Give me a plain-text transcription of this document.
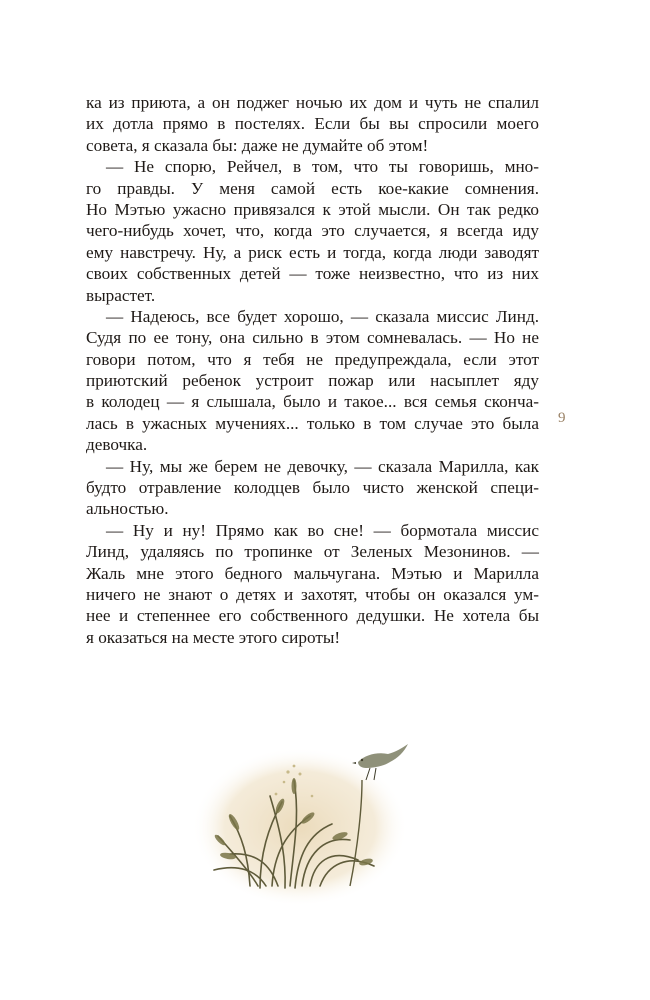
ка из приюта, а он поджег ночью их дом и чуть не спалил
их дотла прямо в постелях. Если бы вы спросили моего
совета, я сказала бы: даже не думайте об этом!
— Не спорю, Рейчел, в том, что ты говоришь, мно-
го правды. У меня самой есть кое-какие сомнения.
Но Мэтью ужасно привязался к этой мысли. Он так редко
чего-нибудь хочет, что, когда это случается, я всегда иду
ему навстречу. Ну, а риск есть и тогда, когда люди заводят
своих собственных детей — тоже неизвестно, что из них
вырастет.
— Надеюсь, все будет хорошо, — сказала миссис Линд.
Судя по ее тону, она сильно в этом сомневалась. — Но не
говори потом, что я тебя не предупреждала, если этот
приютский ребенок устроит пожар или насыплет яду
в колодец — я слышала, было и такое... вся семья скончa-
лась в ужасных мучениях... только в том случае это была
девочка.
— Ну, мы же берем не девочку, — сказала Марилла, как
будто отравление колодцев было чисто женской специ-
альностью.
— Ну и ну! Прямо как во сне! — бормотала миссис
Линд, удаляясь по тропинке от Зеленых Мезонинов. —
Жаль мне этого бедного мальчугана. Мэтью и Марилла
ничего не знают о детях и захотят, чтобы он оказался ум-
нее и степеннее его собственного дедушки. Не хотела бы
я оказаться на месте этого сироты!
9
